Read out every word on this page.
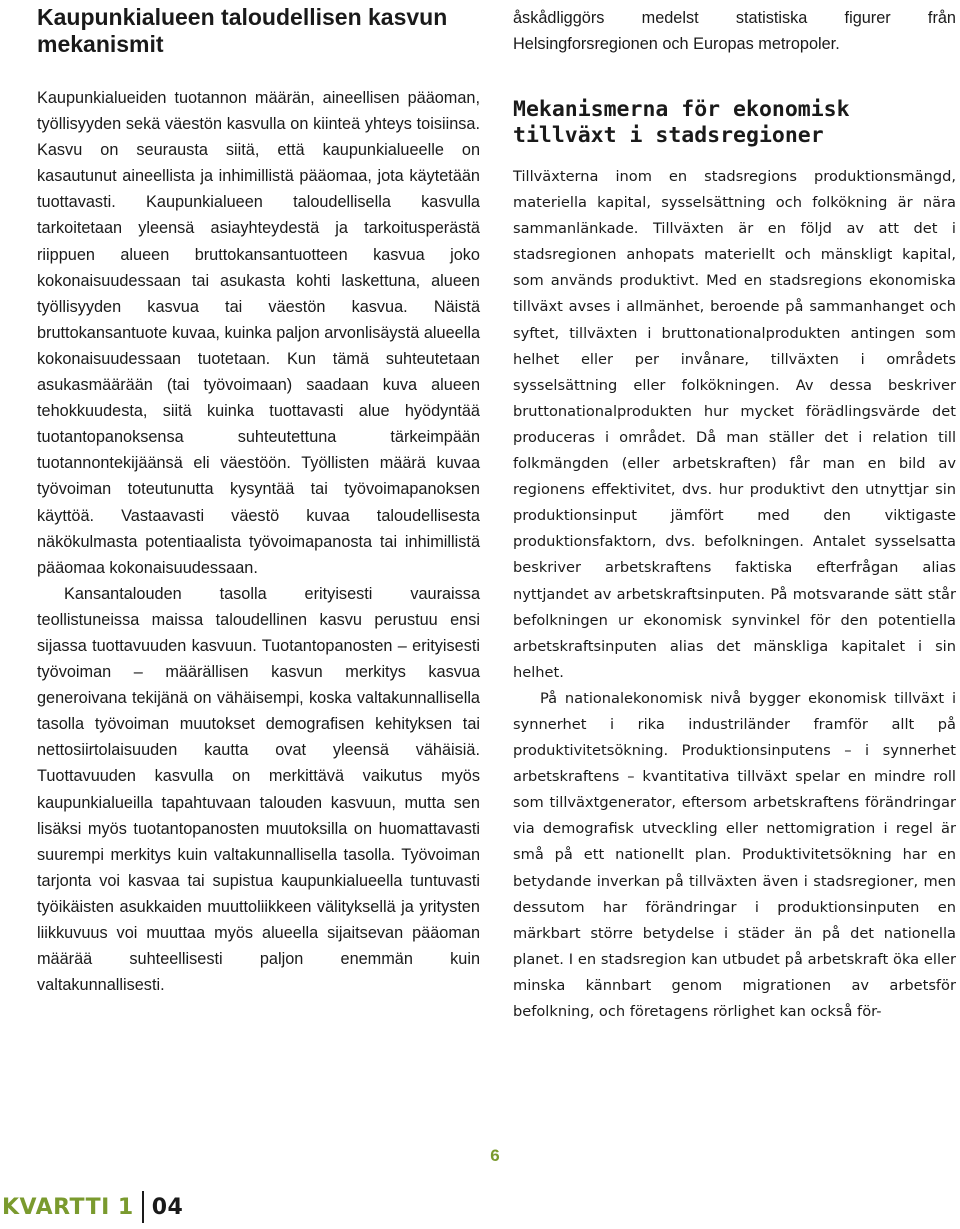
Kaupunkialueen taloudellisen kasvun mekanismit

Kaupunkialueiden tuotannon määrän, aineellisen pääoman, työllisyyden sekä väestön kasvulla on kiinteä yhteys toisiinsa. Kasvu on seurausta siitä, että kaupunkialueelle on kasautunut aineellista ja inhimillistä pääomaa, jota käytetään tuottavasti. Kaupunkialueen taloudellisella kasvulla tarkoitetaan yleensä asiayhteydestä ja tarkoitusperästä riippuen alueen bruttokansantuotteen kasvua joko kokonaisuudessaan tai asukasta kohti laskettuna, alueen työllisyyden kasvua tai väestön kasvua. Näistä bruttokansantuote kuvaa, kuinka paljon arvonlisäystä alueella kokonaisuudessaan tuotetaan. Kun tämä suhteutetaan asukasmäärään (tai työvoimaan) saadaan kuva alueen tehokkuudesta, siitä kuinka tuottavasti alue hyödyntää tuotantopanoksensa suhteutettuna tärkeimpään tuotannontekijäänsä eli väestöön. Työllisten määrä kuvaa työvoiman toteutunutta kysyntää tai työvoimapanoksen käyttöä. Vastaavasti väestö kuvaa taloudellisesta näkökulmasta potentiaalista työvoimapanosta tai inhimillistä pääomaa kokonaisuudessaan.

Kansantalouden tasolla erityisesti vauraissa teollistuneissa maissa taloudellinen kasvu perustuu ensi sijassa tuottavuuden kasvuun. Tuotantopanosten – erityisesti työvoiman – määrällisen kasvun merkitys kasvua generoivana tekijänä on vähäisempi, koska valtakunnallisella tasolla työvoiman muutokset demografisen kehityksen tai nettosiirtolaisuuden kautta ovat yleensä vähäisiä. Tuottavuuden kasvulla on merkittävä vaikutus myös kaupunkialueilla tapahtuvaan talouden kasvuun, mutta sen lisäksi myös tuotantopanosten muutoksilla on huomattavasti suurempi merkitys kuin valtakunnallisella tasolla. Työvoiman tarjonta voi kasvaa tai supistua kaupunkialueella tuntuvasti työikäisten asukkaiden muuttoliikkeen välityksellä ja yritysten liikkuvuus voi muuttaa myös alueella sijaitsevan pääoman määrää suhteellisesti paljon enemmän kuin valtakunnallisesti.

åskådliggörs medelst statistiska figurer från Helsingforsregionen och Europas metropoler.

Mekanismerna för ekonomisk tillväxt i stadsregioner

Tillväxterna inom en stadsregions produktionsmängd, materiella kapital, sysselsättning och folkökning är nära sammanlänkade. Tillväxten är en följd av att det i stadsregionen anhopats materiellt och mänskligt kapital, som används produktivt. Med en stadsregions ekonomiska tillväxt avses i allmänhet, beroende på sammanhanget och syftet, tillväxten i bruttonationalprodukten antingen som helhet eller per invånare, tillväxten i områdets sysselsättning eller folkökningen. Av dessa beskriver bruttonationalprodukten hur mycket förädlingsvärde det produceras i området. Då man ställer det i relation till folkmängden (eller arbetskraften) får man en bild av regionens effektivitet, dvs. hur produktivt den utnyttjar sin produktionsinput jämfört med den viktigaste produktionsfaktorn, dvs. befolkningen. Antalet sysselsatta beskriver arbetskraftens faktiska efterfrågan alias nyttjandet av arbetskraftsinputen. På motsvarande sätt står befolkningen ur ekonomisk synvinkel för den potentiella arbetskraftsinputen alias det mänskliga kapitalet i sin helhet.

På nationalekonomisk nivå bygger ekonomisk tillväxt i synnerhet i rika industriländer framför allt på produktivitetsökning. Produktionsinputens – i synnerhet arbetskraftens – kvantitativa tillväxt spelar en mindre roll som tillväxtgenerator, eftersom arbetskraftens förändringar via demografisk utveckling eller nettomigration i regel är små på ett nationellt plan. Produktivitetsökning har en betydande inverkan på tillväxten även i stadsregioner, men dessutom har förändringar i produktionsinputen en märkbart större betydelse i städer än på det nationella planet. I en stadsregion kan utbudet på arbetskraft öka eller minska kännbart genom migrationen av arbetsför befolkning, och företagens rörlighet kan också för-

6
KVARTTI 1 04
